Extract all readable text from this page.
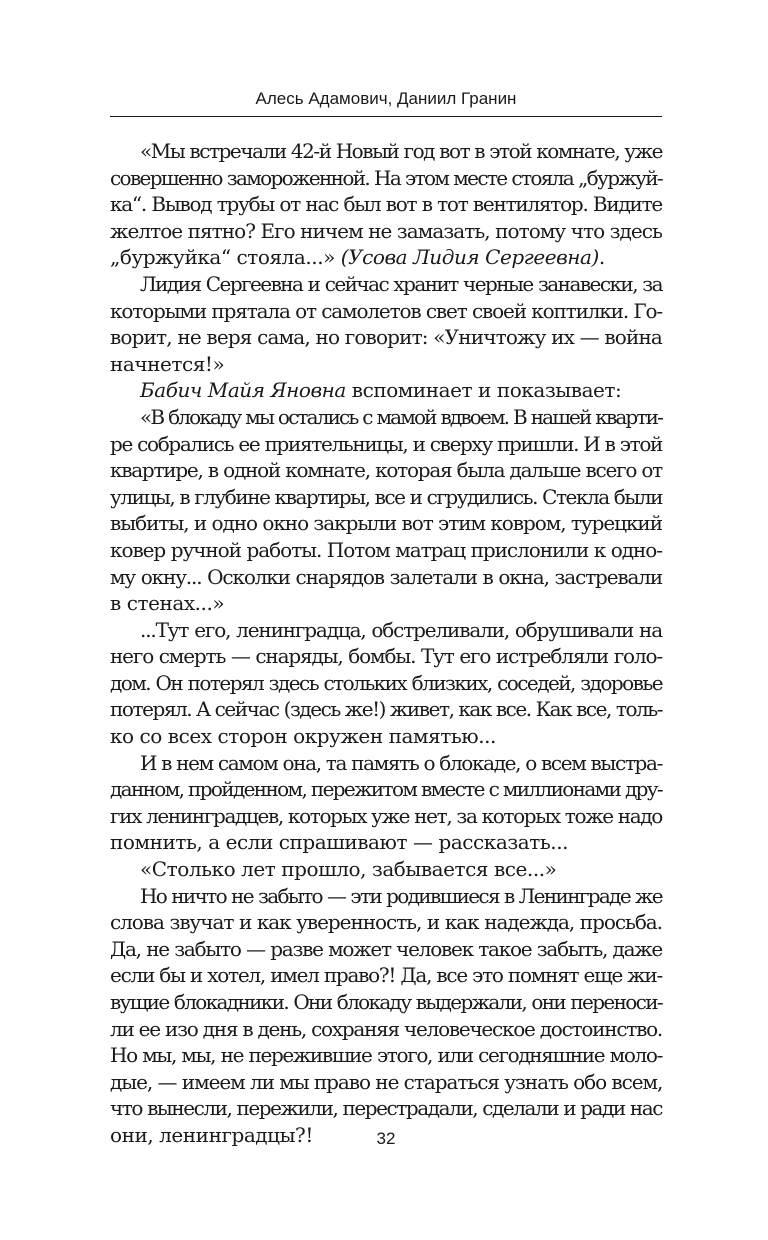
Алесь Адамович, Даниил Гранин

«Мы встречали 42-й Новый год вот в этой комнате, уже
совершенно замороженной. На этом месте стояла „буржуй-
ка“. Вывод трубы от нас был вот в тот вентилятор. Видите
желтое пятно? Его ничем не замазать, потому что здесь
„буржуйка“ стояла...» (Усова Лидия Сергеевна).

Лидия Сергеевна и сейчас хранит черные занавески, за
которыми прятала от самолетов свет своей коптилки. Го-
ворит, не веря сама, но говорит: «Уничтожу их — война
начнется!»

Бабич Майя Яновна вспоминает и показывает:

«В блокаду мы остались с мамой вдвоем. В нашей кварти-
ре собрались ее приятельницы, и сверху пришли. И в этой
квартире, в одной комнате, которая была дальше всего от
улицы, в глубине квартиры, все и сгрудились. Стекла были
выбиты, и одно окно закрыли вот этим ковром, турецкий
ковер ручной работы. Потом матрац прислонили к одно-
му окну... Осколки снарядов залетали в окна, застревали
в стенах...»

...Тут его, ленинградца, обстреливали, обрушивали на
него смерть — снаряды, бомбы. Тут его истребляли голо-
дом. Он потерял здесь стольких близких, соседей, здоровье
потерял. А сейчас (здесь же!) живет, как все. Как все, толь-
ко со всех сторон окружен памятью...

И в нем самом она, та память о блокаде, о всем выстра-
данном, пройденном, пережитом вместе с миллионами дру-
гих ленинградцев, которых уже нет, за которых тоже надо
помнить, а если спрашивают — рассказать...

«Столько лет прошло, забывается все...»

Но ничто не забыто — эти родившиеся в Ленинграде же
слова звучат и как уверенность, и как надежда, просьба.
Да, не забыто — разве может человек такое забыть, даже
если бы и хотел, имел право?! Да, все это помнят еще жи-
вущие блокадники. Они блокаду выдержали, они переноси-
ли ее изо дня в день, сохраняя человеческое достоинство.
Но мы, мы, не пережившие этого, или сегодняшние моло-
дые, — имеем ли мы право не стараться узнать обо всем,
что вынесли, пережили, перестрадали, сделали и ради нас
они, ленинградцы?!	32
